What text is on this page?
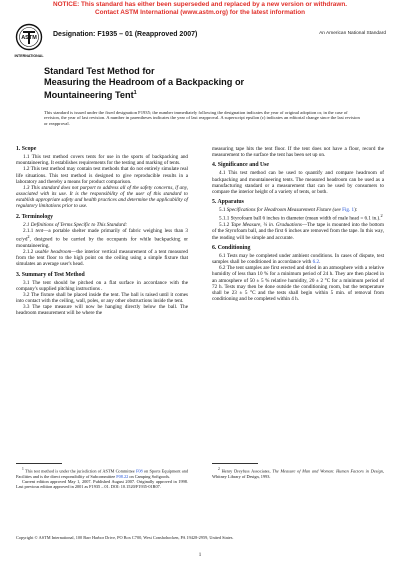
NOTICE: This standard has either been superseded and replaced by a new version or withdrawn.
Contact ASTM International (www.astm.org) for the latest information
ASTM
INTERNATIONAL
Designation: F1935 – 01 (Reapproved 2007)	An American National Standard
Standard Test Method for
Measuring the Headroom of a Backpacking or
Mountaineering Tent$^1$
This standard is issued under the fixed designation F1935; the number immediately following the designation indicates the year of original adoption or, in the case of revision, the year of last revision. A number in parentheses indicates the year of last reapproval. A superscript epsilon (ε) indicates an editorial change since the last revision or reapproval.
1. Scope

1.1 This test method covers tents for use in the sports of backpacking and mountaineering. It establishes requirements for the testing and marking of tents.

1.2 This test method may contain test methods that do not entirely simulate real life situations. This test method is designed to give reproducible results in a laboratory and thereby a means for product comparison.

1.3 This standard does not purport to address all of the safety concerns, if any, associated with its use. It is the responsibility of the user of this standard to establish appropriate safety and health practices and determine the applicability of regulatory limitations prior to use.

2. Terminology

2.1 Definitions of Terms Specific to This Standard:

2.1.1 tent—a portable shelter made primarily of fabric weighing less than 3 $oz/yd^2$, designed to be carried by the occupants for while backpacking or mountaineering.

2.1.2 usable headroom—the interior vertical measurement of a tent measured from the tent floor to the high point on the ceiling using a simple fixture that simulates an average user's head.

3. Summary of Test Method

3.1 The tent should be pitched on a flat surface in accordance with the company's supplied pitching instructions .

3.2 The fixture shall be placed inside the tent. The ball is raised until it comes into contact with the ceiling, wall, poles, or any other obstructions inside the tent.

3.3 The tape measure will now be hanging directly below the ball. The headroom measurement will be where the

measuring tape hits the tent floor. If the tent does not have a floor, record the measurement to the surface the tent has been set up on.

4. Significance and Use

4.1 This test method can be used to quantify and compare headroom of backpacking and mountaineering tents. The measured headroom can be used as a manufacturing standard or a measurement that can be used by consumers to compare the interior height of a variety of tents, or both.

5. Apparatus

5.1 Specifications for Headroom Measurement Fixture (see Fig. 1):

5.1.1 Styrofoam ball 6 inches in diameter (mean width of male head = 6.1 in.).$^2$

5.1.2 Tape Measure, ¼ in. Graduations—The tape is mounted into the bottom of the Styrofoam ball, and the first 6 inches are removed from the tape. In this way, the reading will be simple and accurate.

6. Conditioning

6.1 Tests may be completed under ambient conditions. In cases of dispute, test samples shall be conditioned in accordance with 6.2.

6.2 The tent samples are first erected and dried in an atmosphere with a relative humidity of less than 10 % for a minimum period of 24 h. They are then placed in an atmosphere of 50 ± 5 % relative humidity, 20 ± 2 °C for a minimum period of 72 h. Tests may then be done outside the conditioning room, but the temperature shall be 23 ± 5 °C and the tests shall begin within 5 min. of removal from conditioning and be completed within 4 h.

$^1$ This test method is under the jurisdiction of ASTM Committee F08 on Sports Equipment and Facilities and is the direct responsibility of Subcommittee F08.22 on Camping Softgoods.
Current edition approved May 1, 2007. Published August 2007. Originally approved in 1998. Last previous edition approved in 2001 as F1935 – 01. DOI: 10.1520/F1935-01R07.
$^2$ Henry Dreyfuss Associates, The Measure of Man and Woman: Human Factors in Design, Whitney Library of Design, 1993.
Copyright © ASTM International, 100 Barr Harbor Drive, PO Box C700, West Conshohocken, PA 19428-2959, United States.
1
